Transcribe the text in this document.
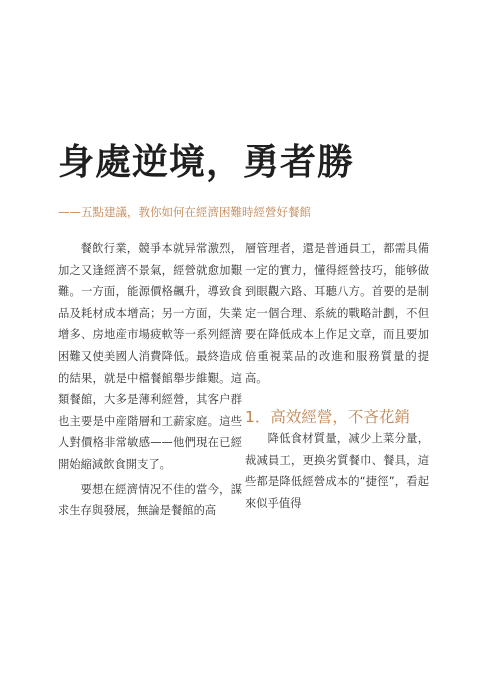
身處逆境，勇者勝
——五點建議，教你如何在經濟困難時經營好餐館

餐飲行業，競爭本就异常激烈，加之又逢經濟不景氣，經營就愈加艱難。一方面，能源價格飆升，導致食品及耗材成本增高；另一方面，失業增多、房地産市場疲軟等一系列經濟困難又使美國人消費降低。最終造成的結果，就是中檔餐館舉步維艱。這類餐館，大多是薄利經營，其客户群也主要是中産階層和工薪家庭。這些人對價格非常敏感——他們現在已經開始縮減飲食開支了。

要想在經濟情况不佳的當今，謀求生存與發展，無論是餐館的高

層管理者，還是普通員工，都需具備一定的實力，懂得經營技巧，能够做到眼觀六路、耳聽八方。首要的是制定一個合理、系統的戰略計劃，不但要在降低成本上作足文章，而且要加倍重視菜品的改進和服務質量的提高。

1．高效經營，不吝花銷

降低食材質量，减少上菜分量，裁减員工，更换劣質餐巾、餐具，這些都是降低經營成本的“捷徑”，看起來似乎值得
